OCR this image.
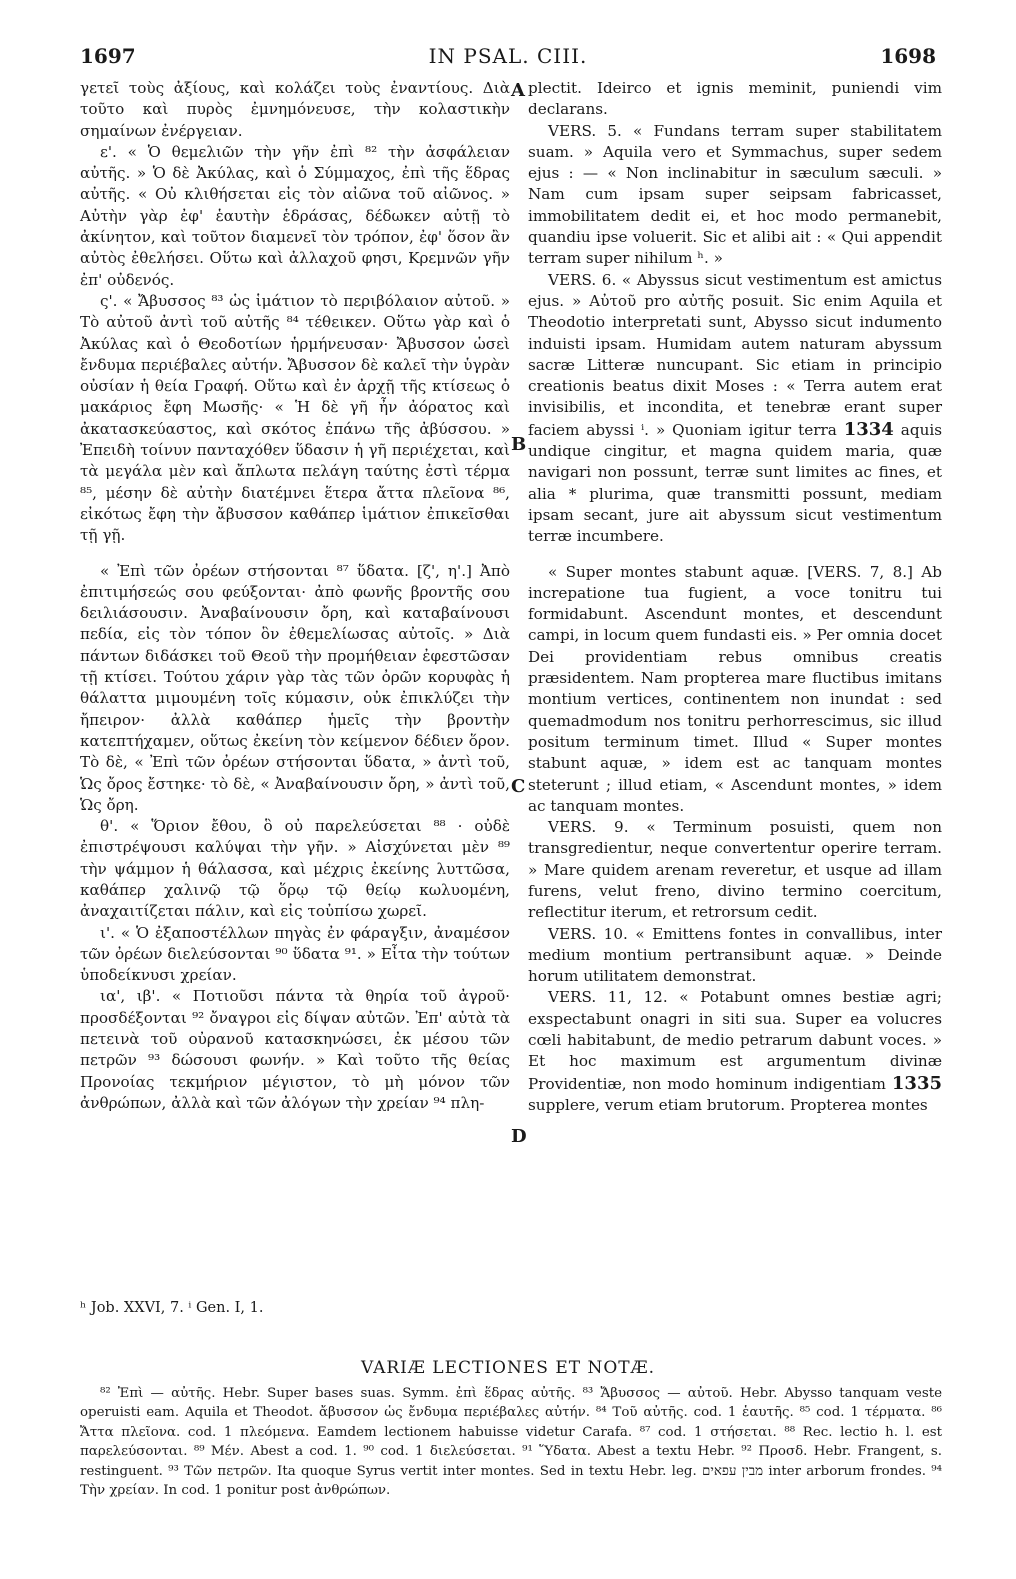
1697	IN PSAL. CIII.	1698
A
B
C
D

γετεῖ τοὺς ἀξίους, καὶ κολάζει τοὺς ἐναντίους. Διὰ τοῦτο καὶ πυρὸς ἐμνημόνευσε, τὴν κολαστικὴν σημαίνων ἐνέργειαν.

ε'. « Ὁ θεμελιῶν τὴν γῆν ἐπὶ ⁸² τὴν ἀσφάλειαν αὐτῆς. » Ὁ δὲ Ἀκύλας, καὶ ὁ Σύμμαχος, ἐπὶ τῆς ἕδρας αὐτῆς. « Οὐ κλιθήσεται εἰς τὸν αἰῶνα τοῦ αἰῶνος. » Αὐτὴν γὰρ ἐφ' ἑαυτὴν ἑδράσας, δέδωκεν αὐτῇ τὸ ἀκίνητον, καὶ τοῦτον διαμενεῖ τὸν τρόπον, ἐφ' ὅσον ἂν αὐτὸς ἐθελήσει. Οὕτω καὶ ἀλλαχοῦ φησι, Κρεμνῶν γῆν ἐπ' οὐδενός.

ς'. « Ἄβυσσος ⁸³ ὡς ἱμάτιον τὸ περιβόλαιον αὐτοῦ. » Τὸ αὐτοῦ ἀντὶ τοῦ αὐτῆς ⁸⁴ τέθεικεν. Οὕτω γὰρ καὶ ὁ Ἀκύλας καὶ ὁ Θεοδοτίων ἡρμήνευσαν· Ἄβυσσον ὡσεὶ ἔνδυμα περιέβαλες αὐτήν. Ἄβυσσον δὲ καλεῖ τὴν ὑγρὰν οὐσίαν ἡ θεία Γραφή. Οὕτω καὶ ἐν ἀρχῇ τῆς κτίσεως ὁ μακάριος ἔφη Μωσῆς· « Ἡ δὲ γῆ ἦν ἀόρατος καὶ ἀκατασκεύαστος, καὶ σκότος ἐπάνω τῆς ἀβύσσου. » Ἐπειδὴ τοίνυν πανταχόθεν ὕδασιν ἡ γῆ περιέχεται, καὶ τὰ μεγάλα μὲν καὶ ἄπλωτα πελάγη ταύτης ἐστὶ τέρμα ⁸⁵, μέσην δὲ αὐτὴν διατέμνει ἕτερα ἄττα πλεῖονα ⁸⁶, εἰκότως ἔφη τὴν ἄβυσσον καθάπερ ἱμάτιον ἐπικεῖσθαι τῇ γῇ.

« Ἐπὶ τῶν ὀρέων στήσονται ⁸⁷ ὕδατα. [ζ', η'.] Ἀπὸ ἐπιτιμήσεώς σου φεύξονται· ἀπὸ φωνῆς βροντῆς σου δειλιάσουσιν. Ἀναβαίνουσιν ὄρη, καὶ καταβαίνουσι πεδία, εἰς τὸν τόπον ὃν ἐθεμελίωσας αὐτοῖς. » Διὰ πάντων διδάσκει τοῦ Θεοῦ τὴν προμήθειαν ἐφεστῶσαν τῇ κτίσει. Τούτου χάριν γὰρ τὰς τῶν ὀρῶν κορυφὰς ἡ θάλαττα μιμουμένη τοῖς κύμασιν, οὐκ ἐπικλύζει τὴν ἤπειρον· ἀλλὰ καθάπερ ἡμεῖς τὴν βροντὴν κατεπτήχαμεν, οὕτως ἐκείνη τὸν κείμενον δέδιεν ὅρον. Τὸ δὲ, « Ἐπὶ τῶν ὀρέων στήσονται ὕδατα, » ἀντὶ τοῦ, Ὡς ὄρος ἔστηκε· τὸ δὲ, « Ἀναβαίνουσιν ὄρη, » ἀντὶ τοῦ, Ὡς ὄρη.

θ'. « Ὅριον ἔθου, ὃ οὐ παρελεύσεται ⁸⁸ · οὐδὲ ἐπιστρέψουσι καλύψαι τὴν γῆν. » Αἰσχύνεται μὲν ⁸⁹ τὴν ψάμμον ἡ θάλασσα, καὶ μέχρις ἐκείνης λυττῶσα, καθάπερ χαλινῷ τῷ ὅρῳ τῷ θείῳ κωλυομένη, ἀναχαιτίζεται πάλιν, καὶ εἰς τοὐπίσω χωρεῖ.

ι'. « Ὁ ἐξαποστέλλων πηγὰς ἐν φάραγξιν, ἀναμέσον τῶν ὀρέων διελεύσονται ⁹⁰ ὕδατα ⁹¹. » Εἶτα τὴν τούτων ὑποδείκνυσι χρείαν.

ια', ιβ'. « Ποτιοῦσι πάντα τὰ θηρία τοῦ ἀγροῦ· προσδέξονται ⁹² ὄναγροι εἰς δίψαν αὐτῶν. Ἐπ' αὐτὰ τὰ πετεινὰ τοῦ οὐρανοῦ κατασκηνώσει, ἐκ μέσου τῶν πετρῶν ⁹³ δώσουσι φωνήν. » Καὶ τοῦτο τῆς θείας Προνοίας τεκμήριον μέγιστον, τὸ μὴ μόνον τῶν ἀνθρώπων, ἀλλὰ καὶ τῶν ἀλόγων τὴν χρείαν ⁹⁴ πλη-

plectit. Ideirco et ignis meminit, puniendi vim declarans.

VERS. 5. « Fundans terram super stabilitatem suam. » Aquila vero et Symmachus, super sedem ejus : — « Non inclinabitur in sæculum sæculi. » Nam cum ipsam super seipsam fabricasset, immobilitatem dedit ei, et hoc modo permanebit, quandiu ipse voluerit. Sic et alibi ait : « Qui appendit terram super nihilum ʰ. »

VERS. 6. « Abyssus sicut vestimentum est amictus ejus. » Αὐτοῦ pro αὐτῆς posuit. Sic enim Aquila et Theodotio interpretati sunt, Abysso sicut indumento induisti ipsam. Humidam autem naturam abyssum sacræ Litteræ nuncupant. Sic etiam in principio creationis beatus dixit Moses : « Terra autem erat invisibilis, et incondita, et tenebræ erant super faciem abyssi ⁱ. » Quoniam igitur terra 1334 aquis undique cingitur, et magna quidem maria, quæ navigari non possunt, terræ sunt limites ac fines, et alia * plurima, quæ transmitti possunt, mediam ipsam secant, jure ait abyssum sicut vestimentum terræ incumbere.

« Super montes stabunt aquæ. [VERS. 7, 8.] Ab increpatione tua fugient, a voce tonitru tui formidabunt. Ascendunt montes, et descendunt campi, in locum quem fundasti eis. » Per omnia docet Dei providentiam rebus omnibus creatis præsidentem. Nam propterea mare fluctibus imitans montium vertices, continentem non inundat : sed quemadmodum nos tonitru perhorrescimus, sic illud positum terminum timet. Illud « Super montes stabunt aquæ, » idem est ac tanquam montes steterunt ; illud etiam, « Ascendunt montes, » idem ac tanquam montes.

VERS. 9. « Terminum posuisti, quem non transgredientur, neque convertentur operire terram. » Mare quidem arenam reveretur, et usque ad illam furens, velut freno, divino termino coercitum, reflectitur iterum, et retrorsum cedit.

VERS. 10. « Emittens fontes in convallibus, inter medium montium pertransibunt aquæ. » Deinde horum utilitatem demonstrat.

VERS. 11, 12. « Potabunt omnes bestiæ agri; exspectabunt onagri in siti sua. Super ea volucres cœli habitabunt, de medio petrarum dabunt voces. » Et hoc maximum est argumentum divinæ Providentiæ, non modo hominum indigentiam 1335 supplere, verum etiam brutorum. Propterea montes

ʰ Job. XXVI, 7. ⁱ Gen. I, 1.
VARIÆ LECTIONES ET NOTÆ.

⁸² Ἐπὶ — αὐτῆς. Hebr. Super bases suas. Symm. ἐπὶ ἕδρας αὐτῆς. ⁸³ Ἄβυσσος — αὐτοῦ. Hebr. Abysso tanquam veste operuisti eam. Aquila et Theodot. ἄβυσσον ὡς ἔνδυμα περιέβαλες αὐτήν. ⁸⁴ Τοῦ αὐτῆς. cod. 1 ἑαυτῆς. ⁸⁵ cod. 1 τέρματα. ⁸⁶ Ἄττα πλεῖονα. cod. 1 πλεόμενα. Eamdem lectionem habuisse videtur Carafa. ⁸⁷ cod. 1 στήσεται. ⁸⁸ Rec. lectio h. l. est παρελεύσονται. ⁸⁹ Μέν. Abest a cod. 1. ⁹⁰ cod. 1 διελεύσεται. ⁹¹ Ὕδατα. Abest a textu Hebr. ⁹² Προσδ. Hebr. Frangent, s. restinguent. ⁹³ Τῶν πετρῶν. Ita quoque Syrus vertit inter montes. Sed in textu Hebr. leg. מבין עפאים inter arborum frondes. ⁹⁴ Τὴν χρείαν. In cod. 1 ponitur post ἀνθρώπων.
